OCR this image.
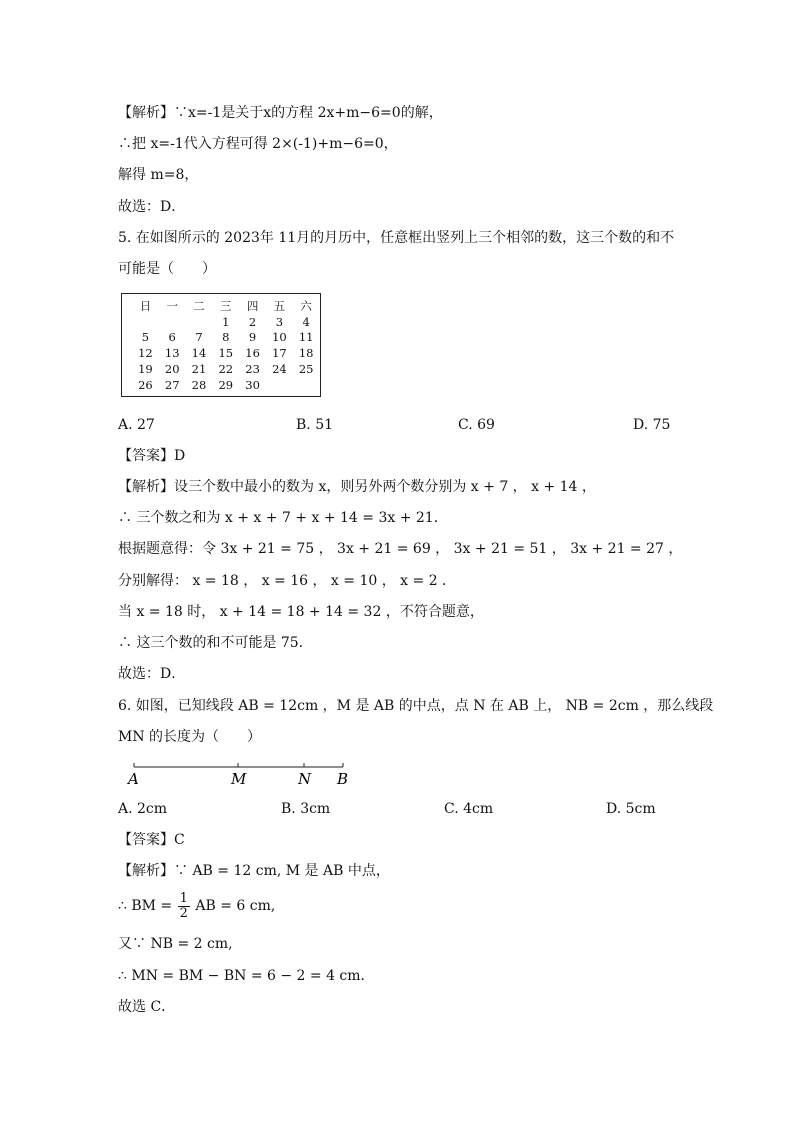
【解析】∵x=-1是关于x的方程 2x+m−6=0的解，
∴把 x=-1代入方程可得 2×(-1)+m−6=0，
解得 m=8，
故选：D．
5. 在如图所示的 2023年 11月的月历中，任意框出竖列上三个相邻的数，这三个数的和不
可能是（　　）
日	一	二	三	四	五	六
			1	2	3	4
5	6	7	8	9	10	11
12	13	14	15	16	17	18
19	20	21	22	23	24	25
26	27	28	29	30		
A. 27	B. 51	C. 69	D. 75
【答案】D
【解析】设三个数中最小的数为 x，则另外两个数分别为 x + 7 ， x + 14 ，
∴ 三个数之和为 x + x + 7 + x + 14 = 3x + 21．
根据题意得：令 3x + 21 = 75 ， 3x + 21 = 69 ， 3x + 21 = 51 ， 3x + 21 = 27 ，
分别解得： x = 18 ， x = 16 ， x = 10 ， x = 2 ．
当 x = 18 时， x + 14 = 18 + 14 = 32 ，不符合题意，
∴ 这三个数的和不可能是 75．
故选：D．
6. 如图，已知线段 AB = 12cm ，M 是 AB 的中点，点 N 在 AB 上， NB = 2cm ，那么线段
MN 的长度为（　　）
A	M	N B
A. 2cm	B. 3cm	C. 4cm	D. 5cm
【答案】C
【解析】∵ AB = 12 cm, M 是 AB 中点，
∴ BM = $\frac{1}{2}$ AB = 6 cm,
又∵ NB = 2 cm,
∴ MN = BM − BN = 6 − 2 = 4 cm．
故选 C．
